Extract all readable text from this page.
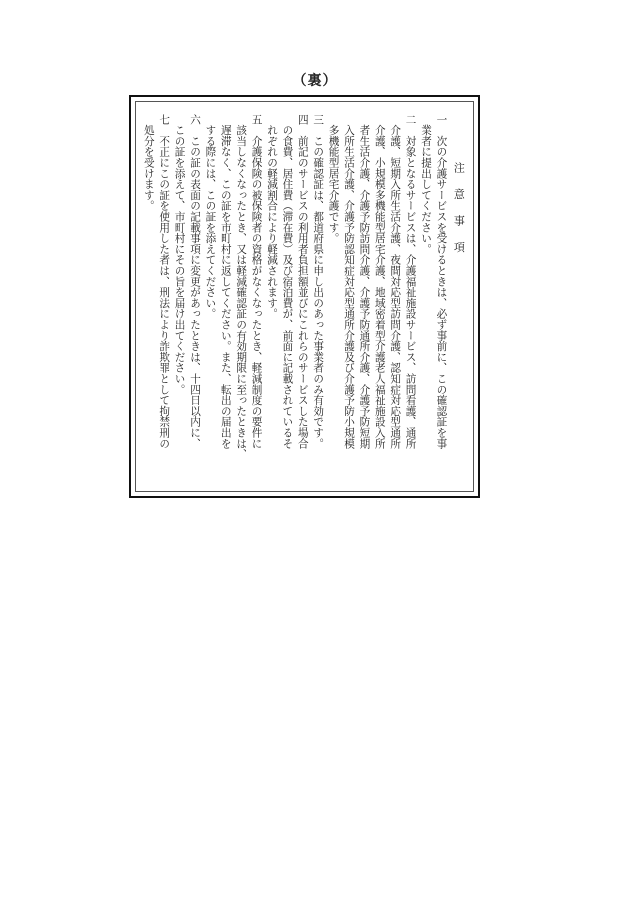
（裏）
注 意 事 項
一　次の介護サービスを受けるときは、必ず事前に、この確認証を事
　業者に提出してください。
二　対象となるサービスは、介護福祉施設サービス、訪問看護、通所
　介護、短期入所生活介護、夜間対応型訪問介護、認知症対応型通所
　介護、小規模多機能型居宅介護、地域密着型介護老人福祉施設入所
　者生活介護、介護予防訪問介護、介護予防通所介護、介護予防短期
　入所生活介護、介護予防認知症対応型通所介護及び介護予防小規模
　多機能型居宅介護です。
三　この確認証は、都道府県に申し出のあった事業者のみ有効です。
四　前記のサービスの利用者負担額並びにこれらのサービスした場合
　の食費、居住費（滞在費）及び宿泊費が、前面に記載されているそ
　れぞれの軽減割合により軽減されます。
五　介護保険の被保険者の資格がなくなったとき、軽減制度の要件に
　該当しなくなったとき、又は軽減確認証の有効期限に至ったときは、
　遅滞なく、この証を市町村に返してください。また、転出の届出を
　する際には、この証を添えてください。
六　この証の表面の記載事項に変更があったときは、十四日以内に、
　この証を添えて、市町村にその旨を届け出てください。
七　不正にこの証を使用した者は、刑法により詐欺罪として拘禁刑の
　処分を受けます。
